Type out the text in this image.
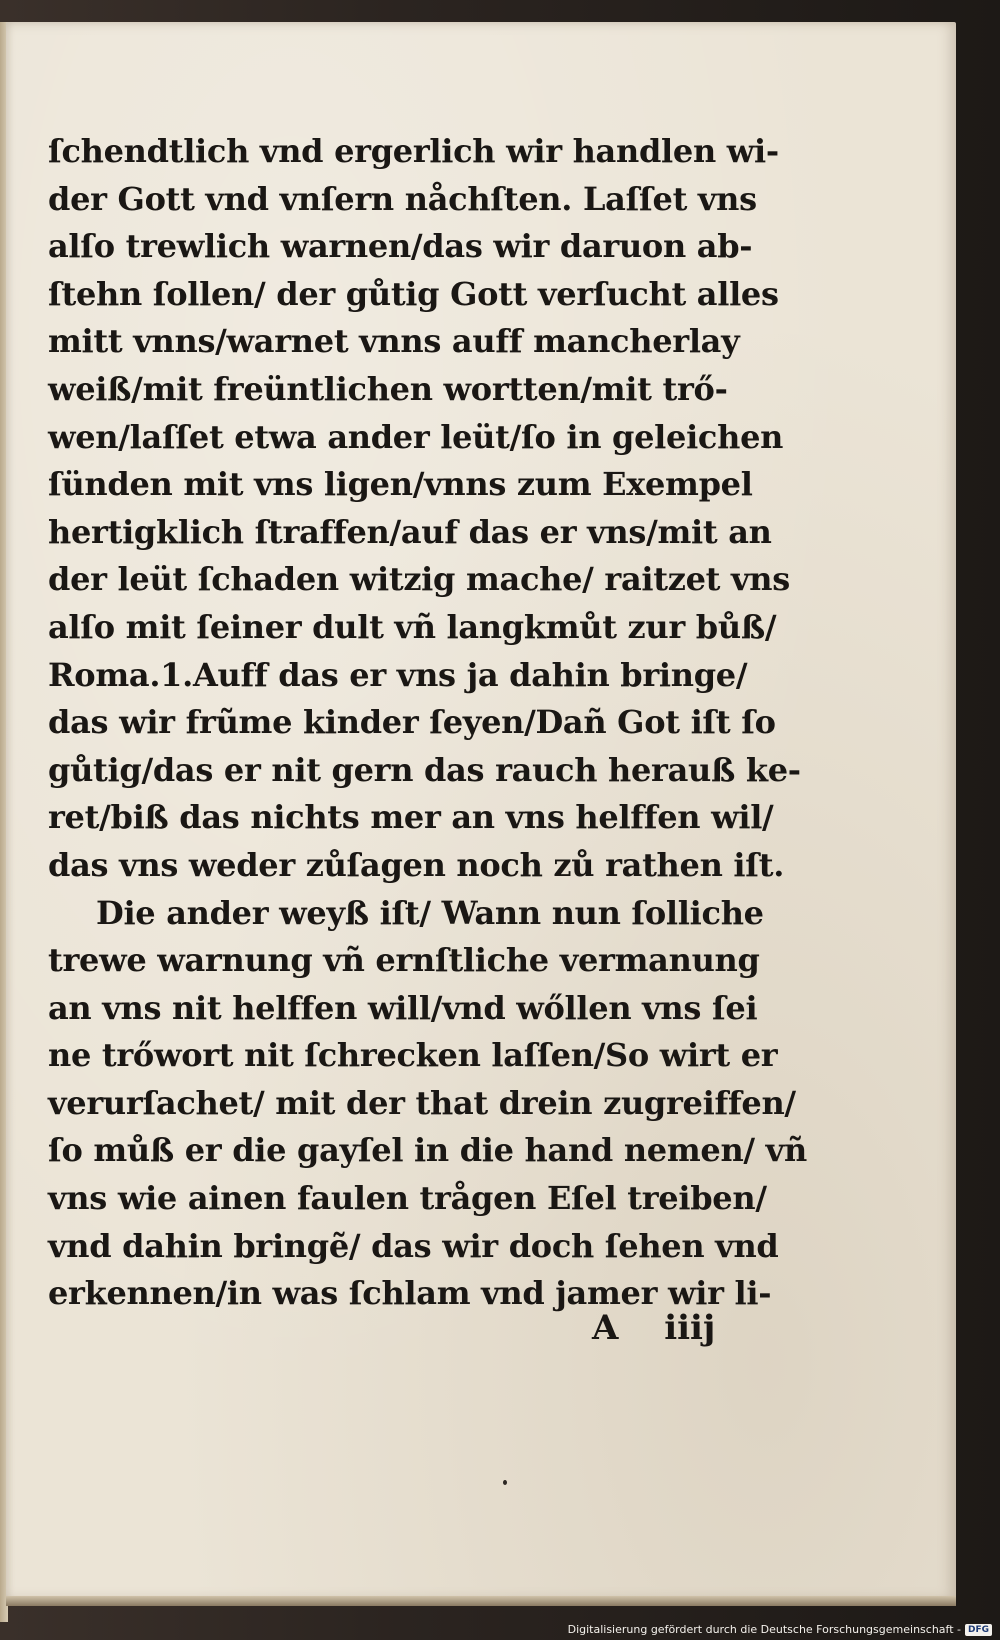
ſchendtlich vnd ergerlich wir handlen wi-
der Gott vnd vnſern nåchſten. Laſſet vns
alſo trewlich warnen/das wir daruon ab-
ſtehn ſollen/ der gůtig Gott verſucht alles
mitt vnns/warnet vnns auff mancherlay
weiß/mit freüntlichen wortten/mit trő-
wen/laſſet etwa ander leüt/ſo in geleichen
ſünden mit vns ligen/vnns zum Exempel
hertigklich ſtraffen/auf das er vns/mit an
der leüt ſchaden witzig mache/ raitzet vns
alſo mit ſeiner dult vñ langkmůt zur bůß/
Roma.1.Auff das er vns ja dahin bringe/
das wir frũme kinder ſeyen/Dañ Got iſt ſo
gůtig/das er nit gern das rauch herauß ke-
ret/biß das nichts mer an vns helffen wil/
das vns weder zůſagen noch zů rathen iſt.
Die ander weyß iſt/ Wann nun ſolliche
trewe warnung vñ ernſtliche vermanung
an vns nit helffen will/vnd wőllen vns ſei
ne trőwort nit ſchrecken laſſen/So wirt er
verurſachet/ mit der that drein zugreiffen/
ſo můß er die gayſel in die hand nemen/ vñ
vns wie ainen faulen trågen Eſel treiben/
vnd dahin bringẽ/ das wir doch ſehen vnd
erkennen/in was ſchlam vnd jamer wir li-
A iiij
Digitalisierung gefördert durch die Deutsche Forschungsgemeinschaft - DFG
